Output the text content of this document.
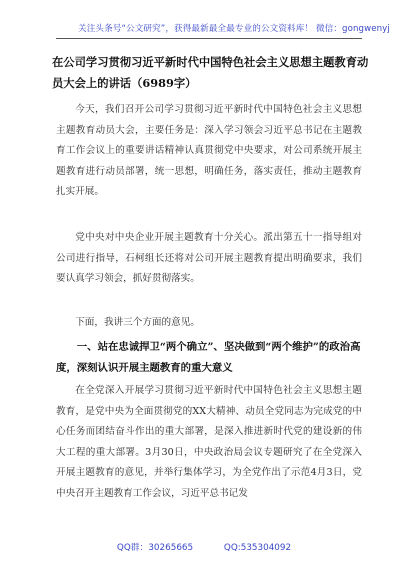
关注头条号“公文研究”，获得最新最全最专业的公文资料库！ 微信：gongwenyj
在公司学习贯彻习近平新时代中国特色社会主义思想主题教育动员大会上的讲话（6989字）

今天，我们召开公司学习贯彻习近平新时代中国特色社会主义思想主题教育动员大会，主要任务是：深入学习领会习近平总书记在主题教育工作会议上的重要讲话精神认真贯彻党中央要求，对公司系统开展主题教育进行动员部署，统一思想，明确任务，落实责任，推动主题教育扎实开展。

党中央对中央企业开展主题教育十分关心。派出第五十一指导组对公司进行指导，石柯组长还将对公司开展主题教育提出明确要求，我们要认真学习领会，抓好贯彻落实。

下面，我讲三个方面的意见。

一、站在忠诚捍卫“两个确立”、坚决做到“两个维护”的政治高度，深刻认识开展主题教育的重大意义

在全党深入开展学习贯彻习近平新时代中国特色社会主义思想主题教育，是党中央为全面贯彻党的XX大精神、动员全党同志为完成党的中心任务而团结奋斗作出的重大部署，是深入推进新时代党的建设新的伟大工程的重大部署。3月30日，中央政治局会议专题研究了在全党深入开展主题教育的意见，并举行集体学习，为全党作出了示范4月3日，党中央召开主题教育工作会议，习近平总书记发

QQ群：30265665	QQ:535304092
